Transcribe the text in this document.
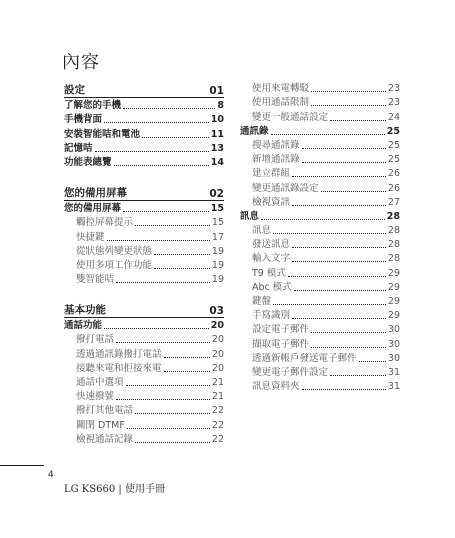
內容
設定	01
了解您的手機	8
手機背面	10
安裝智能咭和電池	11
記憶咭	13
功能表總覽	14
您的備用屏幕	02
您的備用屏幕	15
觸控屏幕提示	15
快捷鍵	17
從狀態列變更狀態	19
使用多項工作功能	19
雙智能咭	19
基本功能	03
通話功能	20
撥打電話	20
透過通訊錄撥打電話	20
接聽來電和拒接來電	20
通話中選項	21
快速撥號	21
撥打其他電話	22
關閉 DTMF	22
檢視通話記錄	22
使用來電轉駁	23
使用通話限制	23
變更一般通話設定	24
通訊錄	25
搜尋通訊錄	25
新增通訊錄	25
建立群組	26
變更通訊錄設定	26
檢視資訊	27
訊息	28
訊息	28
發送訊息	28
輸入文字	28
T9 模式	29
Abc 模式	29
鍵盤	29
手寫識別	29
設定電子郵件	30
擷取電子郵件	30
透過新帳戶發送電子郵件	30
變更電子郵件設定	31
訊息資料夾	31
4
LG KS660 | 使用手冊
